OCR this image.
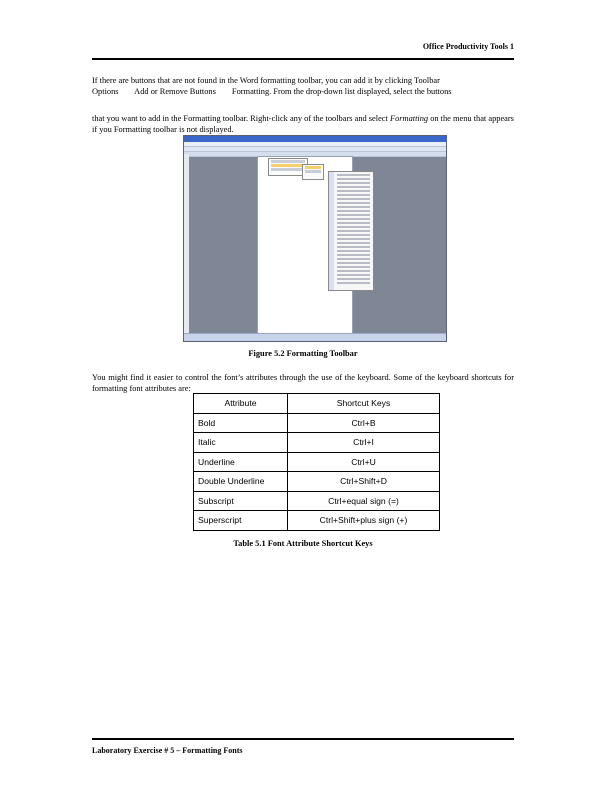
Office Productivity Tools 1
If there are buttons that are not found in the Word formatting toolbar, you can add it by clicking Toolbar
Options Add or Remove Buttons Formatting. From the drop-down list displayed, select the buttons
that you want to add in the Formatting toolbar. Right-click any of the toolbars and select Formatting on the menu that appears if you Formatting toolbar is not displayed.
Figure 5.2 Formatting Toolbar
You might find it easier to control the font’s attributes through the use of the keyboard. Some of the keyboard shortcuts for formatting font attributes are:
Attribute	Shortcut Keys
Bold	Ctrl+B
Italic	Ctrl+I
Underline	Ctrl+U
Double Underline	Ctrl+Shift+D
Subscript	Ctrl+equal sign (=)
Superscript	Ctrl+Shift+plus sign (+)
Table 5.1 Font Attribute Shortcut Keys
Laboratory Exercise # 5 – Formatting Fonts
